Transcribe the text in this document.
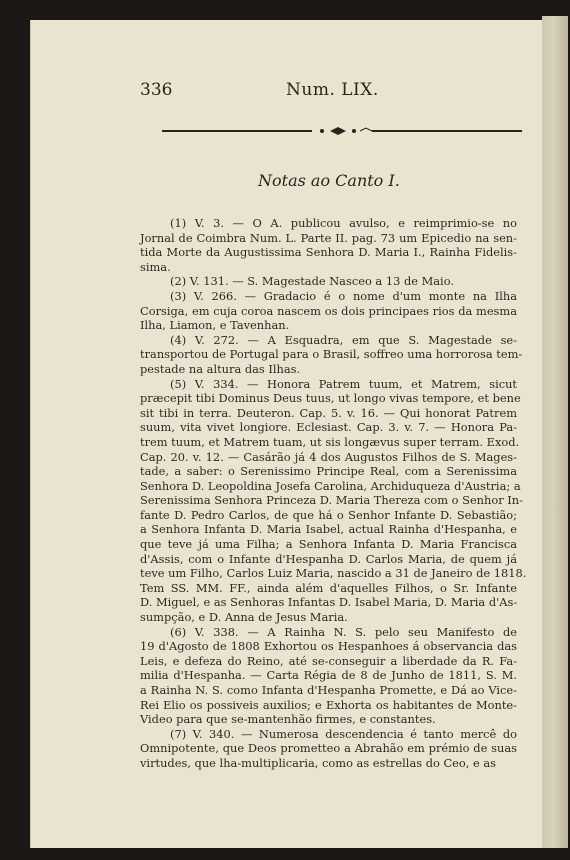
336	Num. LIX.
Notas ao Canto I.
(1) V. 3. — O A. publicou avulso, e reimprimio-se no
Jornal de Coimbra Num. L. Parte II. pag. 73 um Epicedio na sen-
tida Morte da Augustissima Senhora D. Maria I., Rainha Fidelis-
sima.
(2) V. 131. — S. Magestade Nasceo a 13 de Maio.
(3) V. 266. — Gradacio é o nome d'um monte na Ilha
Corsiga, em cuja coroa nascem os dois principaes rios da mesma
Ilha, Liamon, e Tavenhan.
(4) V. 272. — A Esquadra, em que S. Magestade se-
transportou de Portugal para o Brasil, soffreo uma horrorosa tem-
pestade na altura das Ilhas.
(5) V. 334. — Honora Patrem tuum, et Matrem, sicut
præcepit tibi Dominus Deus tuus, ut longo vivas tempore, et bene
sit tibi in terra. Deuteron. Cap. 5. v. 16. — Qui honorat Patrem
suum, vita vivet longiore. Eclesiast. Cap. 3. v. 7. — Honora Pa-
trem tuum, et Matrem tuam, ut sis longævus super terram. Exod.
Cap. 20. v. 12. — Casárão já 4 dos Augustos Filhos de S. Mages-
tade, a saber: o Serenissimo Principe Real, com a Serenissima
Senhora D. Leopoldina Josefa Carolina, Archiduqueza d'Austria; a
Serenissima Senhora Princeza D. Maria Thereza com o Senhor In-
fante D. Pedro Carlos, de que há o Senhor Infante D. Sebastião;
a Senhora Infanta D. Maria Isabel, actual Rainha d'Hespanha, e
que teve já uma Filha; a Senhora Infanta D. Maria Francisca
d'Assis, com o Infante d'Hespanha D. Carlos Maria, de quem já
teve um Filho, Carlos Luiz Maria, nascido a 31 de Janeiro de 1818.
Tem SS. MM. FF., ainda além d'aquelles Filhos, o Sr. Infante
D. Miguel, e as Senhoras Infantas D. Isabel Maria, D. Maria d'As-
sumpção, e D. Anna de Jesus Maria.
(6) V. 338. — A Rainha N. S. pelo seu Manifesto de
19 d'Agosto de 1808 Exhortou os Hespanhoes á observancia das
Leis, e defeza do Reino, até se-conseguir a liberdade da R. Fa-
milia d'Hespanha. — Carta Régia de 8 de Junho de 1811, S. M.
a Rainha N. S. como Infanta d'Hespanha Promette, e Dá ao Vice-
Rei Elio os possiveis auxilios; e Exhorta os habitantes de Monte-
Video para que se-mantenhão firmes, e constantes.
(7) V. 340. — Numerosa descendencia é tanto mercê do
Omnipotente, que Deos prometteo a Abrahão em prémio de suas
virtudes, que lha-multiplicaria, como as estrellas do Ceo, e as
